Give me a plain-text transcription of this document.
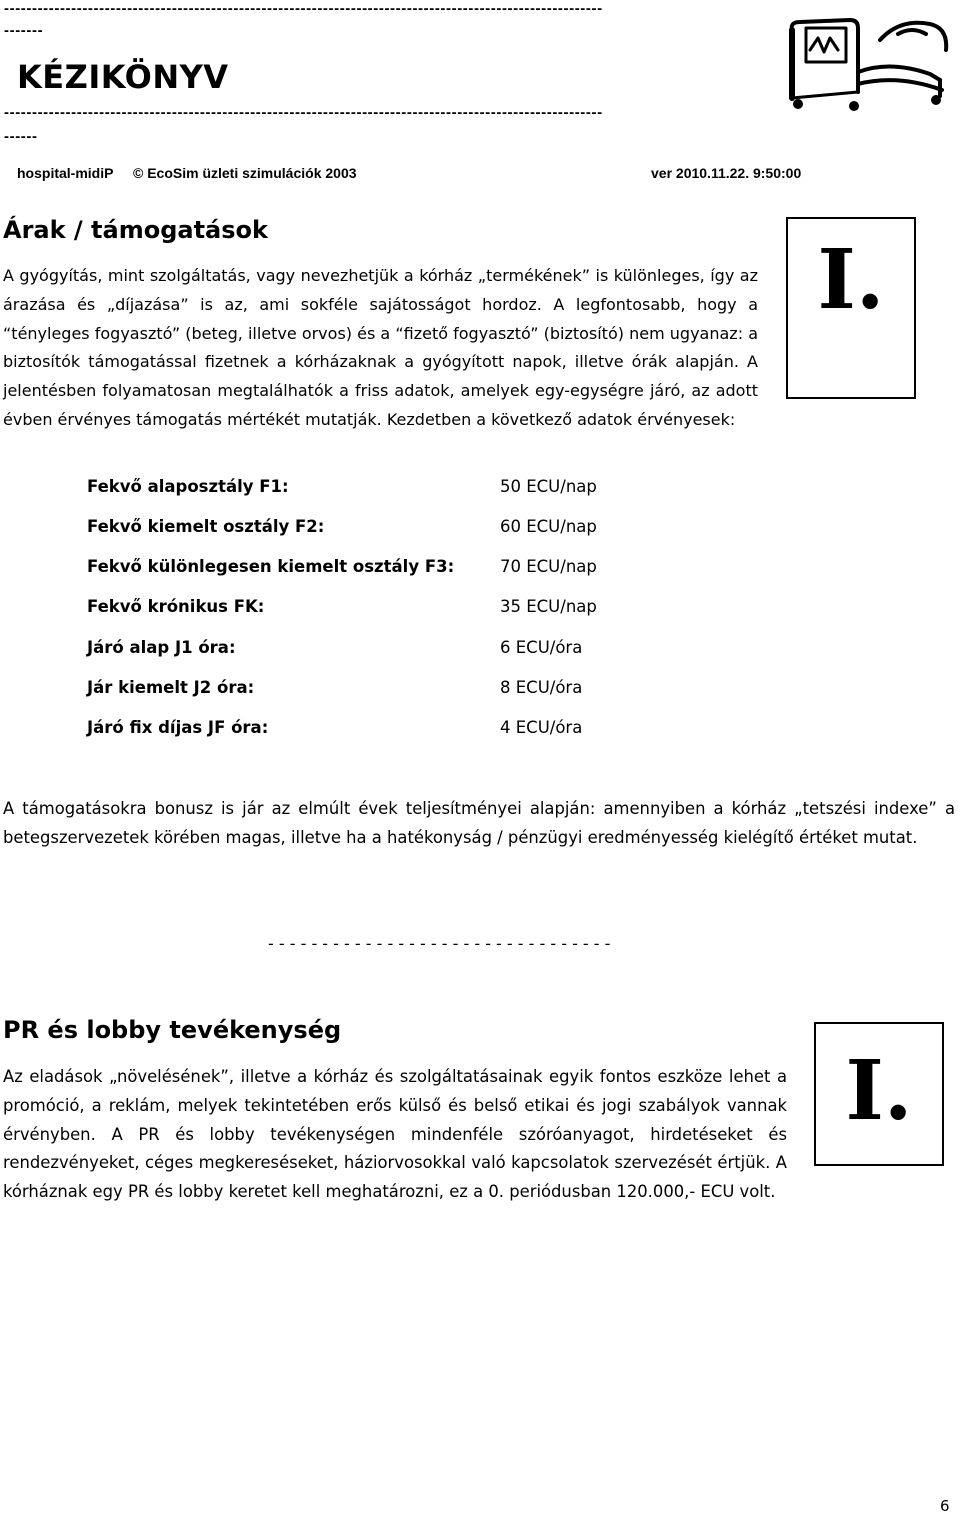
-----------------------------------------------------------------------------------------------------------
-------
KÉZIKÖNYV
-----------------------------------------------------------------------------------------------------------
------
hospital-midiP © EcoSim üzleti szimulációk 2003	ver 2010.11.22. 9:50:00
Árak / támogatások
I.

A gyógyítás, mint szolgáltatás, vagy nevezhetjük a kórház „termékének” is különleges, így az árazása és „díjazása” is az, ami sokféle sajátosságot hordoz. A legfontosabb, hogy a “tényleges fogyasztó” (beteg, illetve orvos) és a “fizető fogyasztó” (biztosító) nem ugyanaz: a biztosítók támogatással fizetnek a kórházaknak a gyógyított napok, illetve órák alapján. A jelentésben folyamatosan megtalálhatók a friss adatok, amelyek egy-egységre járó, az adott évben érvényes támogatás mértékét mutatják. Kezdetben a következő adatok érvényesek:

Fekvő alaposztály F1:	50 ECU/nap
Fekvő kiemelt osztály F2:	60 ECU/nap
Fekvő különlegesen kiemelt osztály F3:	70 ECU/nap
Fekvő krónikus FK:	35 ECU/nap
Járó alap J1 óra:	6 ECU/óra
Jár kiemelt J2 óra:	8 ECU/óra
Járó fix díjas JF óra:	4 ECU/óra

A támogatásokra bonusz is jár az elmúlt évek teljesítményei alapján: amennyiben a kórház „tetszési indexe” a betegszervezetek körében magas, illetve ha a hatékonyság / pénzügyi eredményesség kielégítő értéket mutat.

- - - - - - - - - - - - - - - - - - - - - - - - - - - - - - - -
PR és lobby tevékenység
I.

Az eladások „növelésének”, illetve a kórház és szolgáltatásainak egyik fontos eszköze lehet a promóció, a reklám, melyek tekintetében erős külső és belső etikai és jogi szabályok vannak érvényben. A PR és lobby tevékenységen mindenféle szóróanyagot, hirdetéseket és rendezvényeket, céges megkereséseket, háziorvosokkal való kapcsolatok szervezését értjük. A kórháznak egy PR és lobby keretet kell meghatározni, ez a 0. periódusban 120.000,- ECU volt.

6
